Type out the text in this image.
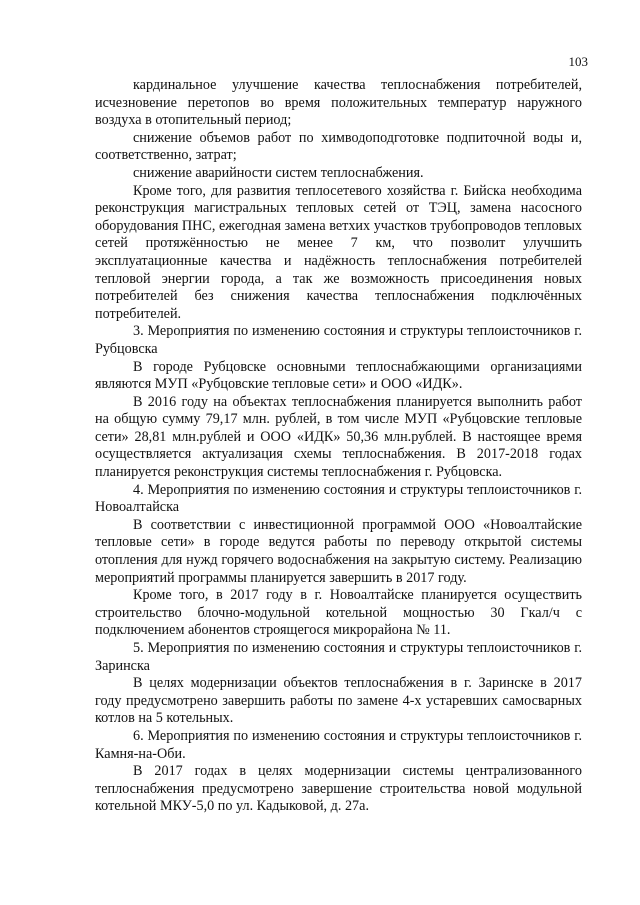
103

кардинальное улучшение качества теплоснабжения потребителей, исчезновение перетопов во время положительных температур наружного воздуха в отопительный период;

снижение объемов работ по химводоподготовке подпиточной воды и, соответственно, затрат;

снижение аварийности систем теплоснабжения.

Кроме того, для развития теплосетевого хозяйства г. Бийска необходима реконструкция магистральных тепловых сетей от ТЭЦ, замена насосного оборудования ПНС, ежегодная замена ветхих участков трубопроводов тепловых сетей протяжённостью не менее 7 км, что позволит улучшить эксплуатационные качества и надёжность теплоснабжения потребителей тепловой энергии города, а так же возможность присоединения новых потребителей без снижения качества теплоснабжения подключённых потребителей.

3. Мероприятия по изменению состояния и структуры теплоисточников г. Рубцовска

В городе Рубцовске основными теплоснабжающими организациями являются МУП «Рубцовские тепловые сети» и ООО «ИДК».

В 2016 году на объектах теплоснабжения планируется выполнить работ на общую сумму 79,17 млн. рублей, в том числе МУП «Рубцовские тепловые сети» 28,81 млн.рублей и ООО «ИДК» 50,36 млн.рублей. В настоящее время осуществляется актуализация схемы теплоснабжения. В 2017-2018 годах планируется реконструкция системы теплоснабжения г. Рубцовска.

4. Мероприятия по изменению состояния и структуры теплоисточников г. Новоалтайска

В соответствии с инвестиционной программой ООО «Новоалтайские тепловые сети» в городе ведутся работы по переводу открытой системы отопления для нужд горячего водоснабжения на закрытую систему. Реализацию мероприятий программы планируется завершить в 2017 году.

Кроме того, в 2017 году в г. Новоалтайске планируется осуществить строительство блочно-модульной котельной мощностью 30 Гкал/ч с подключением абонентов строящегося микрорайона № 11.

5. Мероприятия по изменению состояния и структуры теплоисточников г. Заринска

В целях модернизации объектов теплоснабжения в г. Заринске в 2017 году предусмотрено завершить работы по замене 4-х устаревших самосварных котлов на 5 котельных.

6. Мероприятия по изменению состояния и структуры теплоисточников г. Камня-на-Оби.

В 2017 годах в целях модернизации системы централизованного теплоснабжения предусмотрено завершение строительства новой модульной котельной МКУ-5,0 по ул. Кадыковой, д. 27а.
